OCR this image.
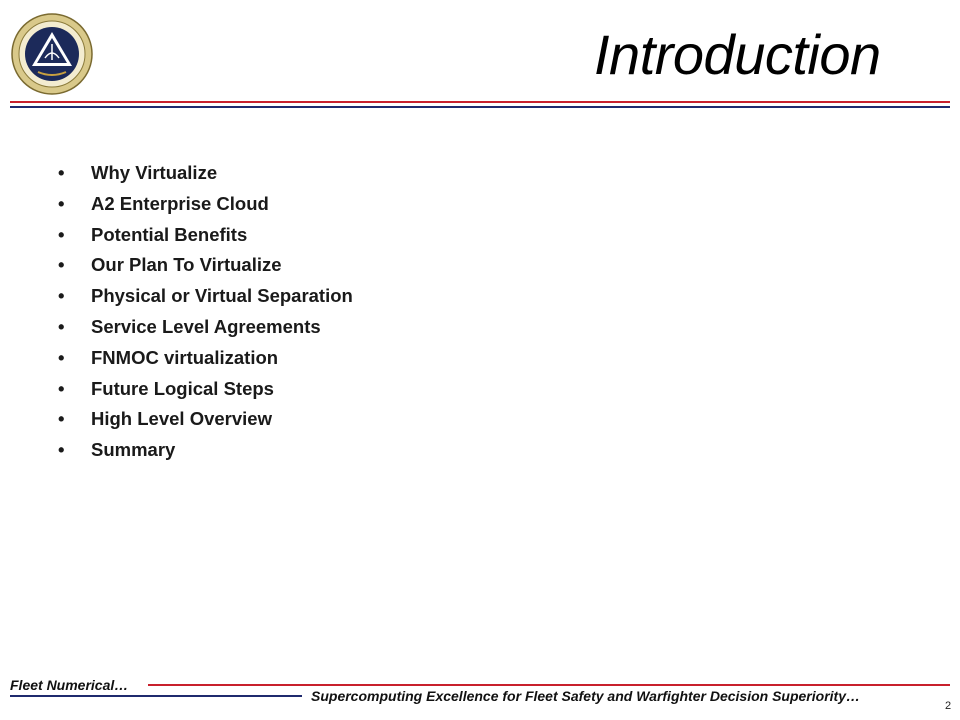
Introduction
• Why Virtualize
• A2 Enterprise Cloud
• Potential Benefits
• Our Plan To Virtualize
• Physical or Virtual Separation
• Service Level Agreements
• FNMOC virtualization
• Future Logical Steps
• High Level Overview
• Summary
Fleet Numerical…
Supercomputing Excellence for Fleet Safety and Warfighter Decision Superiority…
2
